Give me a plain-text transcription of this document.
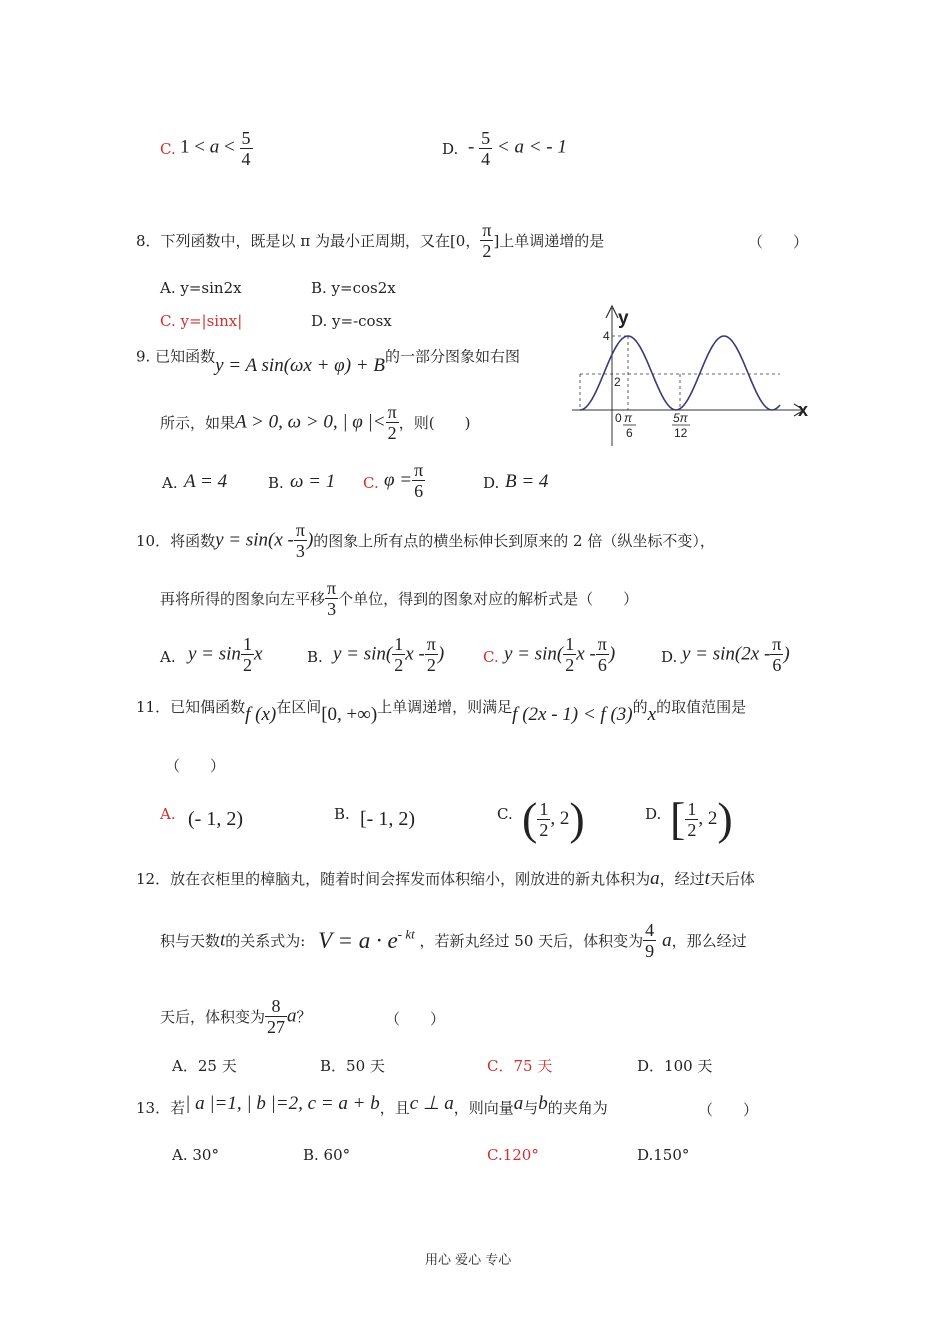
C. $1 < a < \frac{5}{4}$	D. - $\frac{5}{4} < a$ < - 1
8．下列函数中，既是以 π 为最小正周期，又在[0， $\frac{\pi}{2}$ ]上单调递增的是	（　　）
A. y=sin2x	B. y=cos2x
C. y=|sinx|	D. y=-cosx
9. 已知函数y = A sin(ωx + φ) + B的一部分图象如右图
所示，如果A > 0, ω > 0, | φ |< $\frac{\pi}{2}$ ，则(　　)
A. A = 4	B. ω = 1 C. $\varphi = \frac{\pi}{6}$	D. B = 4
y
x
4
2
0 π
6
5π
12
10．将函数$y = \sin(x - \frac{\pi}{3}$ )的图象上所有点的横坐标伸长到原来的 2 倍（纵坐标不变），
再将所得的图象向左平移 $\frac{\pi}{3}$ 个单位，得到的图象对应的解析式是（　　）
A. $y = \sin \frac{1}{2}$ x	B. $y = \sin( \frac{1}{2}$ x - $\frac{\pi}{2}$ )	C. $y = \sin( \frac{1}{2}$ x - $\frac{\pi}{6}$ )	D. $y = \sin(2x - \frac{\pi}{6}$ )
11．已知偶函数f (x)在区间[0, +∞)上单调递增，则满足f (2x - 1) < f (3)的x的取值范围是
（　　）
A. (- 1, 2)	B. [- 1, 2)	C. ( $\frac{1}{2}$ , 2)	D. [ $\frac{1}{2}$ , 2)
12．放在衣柜里的樟脑丸，随着时间会挥发而体积缩小，刚放进的新丸体积为a，经过t天后体
积与天数t的关系式为: $V = a \cdot e^{- kt}$ ，若新丸经过 50 天后，体积变为 $\frac{4}{9}$ a，那么经过
天后，体积变为 $\frac{8}{27}$ a？	（　　）
A．25 天	B．50 天	C．75 天	D．100 天
13．若| a |=1, | b |=2, c = a + b，且c ⊥ a，则向量a与b的夹角为	（　　）
A. 30°	B. 60°	C.120°	D.150°
用心 爱心 专心
